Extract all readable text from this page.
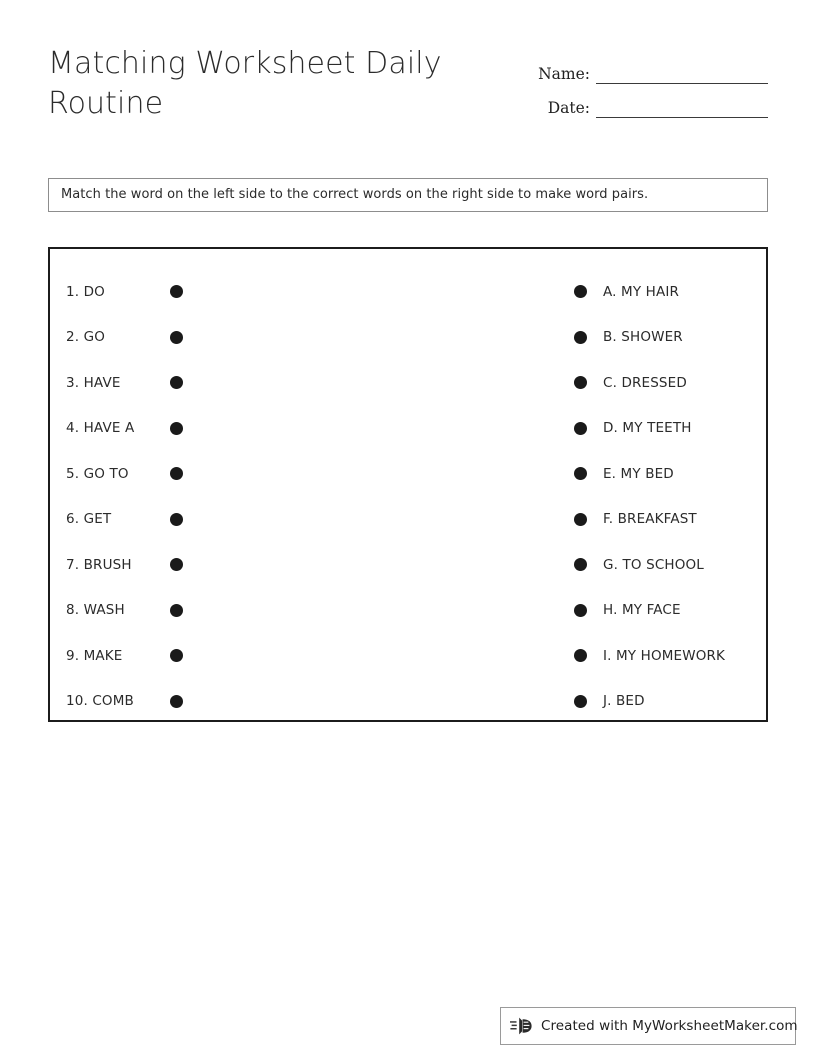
Matching Worksheet Daily Routine
Name:
Date:
Match the word on the left side to the correct words on the right side to make word pairs.
1. DO
2. GO
3. HAVE
4. HAVE A
5. GO TO
6. GET
7. BRUSH
8. WASH
9. MAKE
10. COMB
A. MY HAIR
B. SHOWER
C. DRESSED
D. MY TEETH
E. MY BED
F. BREAKFAST
G. TO SCHOOL
H. MY FACE
I. MY HOMEWORK
J. BED
Created with MyWorksheetMaker.com
